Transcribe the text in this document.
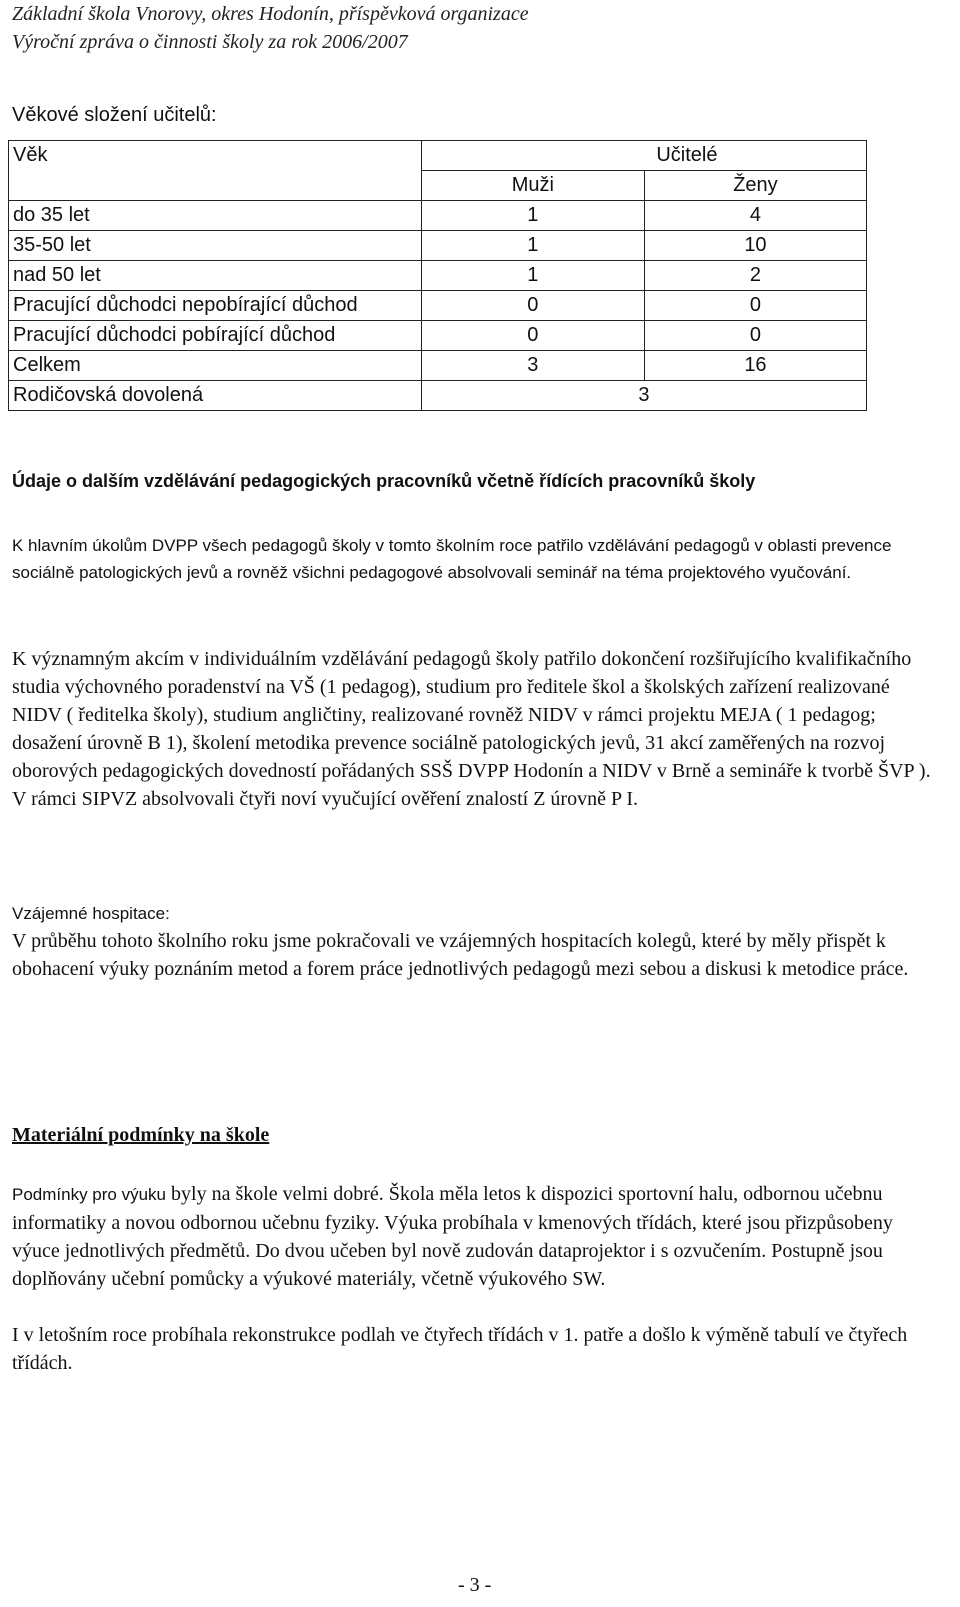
Základní škola Vnorovy, okres Hodonín, příspěvková organizace
Výroční zpráva o činnosti školy za rok 2006/2007
Věkové složení učitelů:
Věk	Učitelé	
	Muži	Ženy
do 35 let	1	4
35-50 let	1	10
nad 50 let	1	2
Pracující důchodci nepobírající důchod	0	0
Pracující důchodci pobírající důchod	0	0
Celkem	3	16
Rodičovská dovolená	3	
Údaje o dalším vzdělávání pedagogických pracovníků včetně řídících pracovníků školy
K hlavním úkolům DVPP všech pedagogů školy v tomto školním roce patřilo vzdělávání pedagogů v oblasti prevence sociálně patologických jevů a rovněž všichni pedagogové absolvovali seminář na téma projektového vyučování.
K významným akcím v individuálním vzdělávání pedagogů školy patřilo dokončení rozšiřujícího kvalifikačního studia výchovného poradenství na VŠ (1 pedagog), studium pro ředitele škol a školských zařízení realizované NIDV ( ředitelka školy), studium angličtiny, realizované rovněž NIDV v rámci projektu MEJA ( 1 pedagog; dosažení úrovně B 1), školení metodika prevence sociálně patologických jevů, 31 akcí zaměřených na rozvoj oborových pedagogických dovedností pořádaných SSŠ DVPP Hodonín a NIDV v Brně a semináře k tvorbě ŠVP ). V rámci SIPVZ absolvovali čtyři noví vyučující ověření znalostí Z úrovně P I.
Vzájemné hospitace:
V průběhu tohoto školního roku jsme pokračovali ve vzájemných hospitacích kolegů, které by měly přispět k obohacení výuky poznáním metod a forem práce jednotlivých pedagogů mezi sebou a diskusi k metodice práce.
Materiální podmínky na škole
Podmínky pro výuku byly na škole velmi dobré. Škola měla letos k dispozici sportovní halu, odbornou učebnu informatiky a novou odbornou učebnu fyziky. Výuka probíhala v kmenových třídách, které jsou přizpůsobeny výuce jednotlivých předmětů. Do dvou učeben byl nově zudován dataprojektor i s ozvučením. Postupně jsou doplňovány učební pomůcky a výukové materiály, včetně výukového SW.
I v letošním roce probíhala rekonstrukce podlah ve čtyřech třídách v 1. patře a došlo k výměně tabulí ve čtyřech třídách.
- 3 -
